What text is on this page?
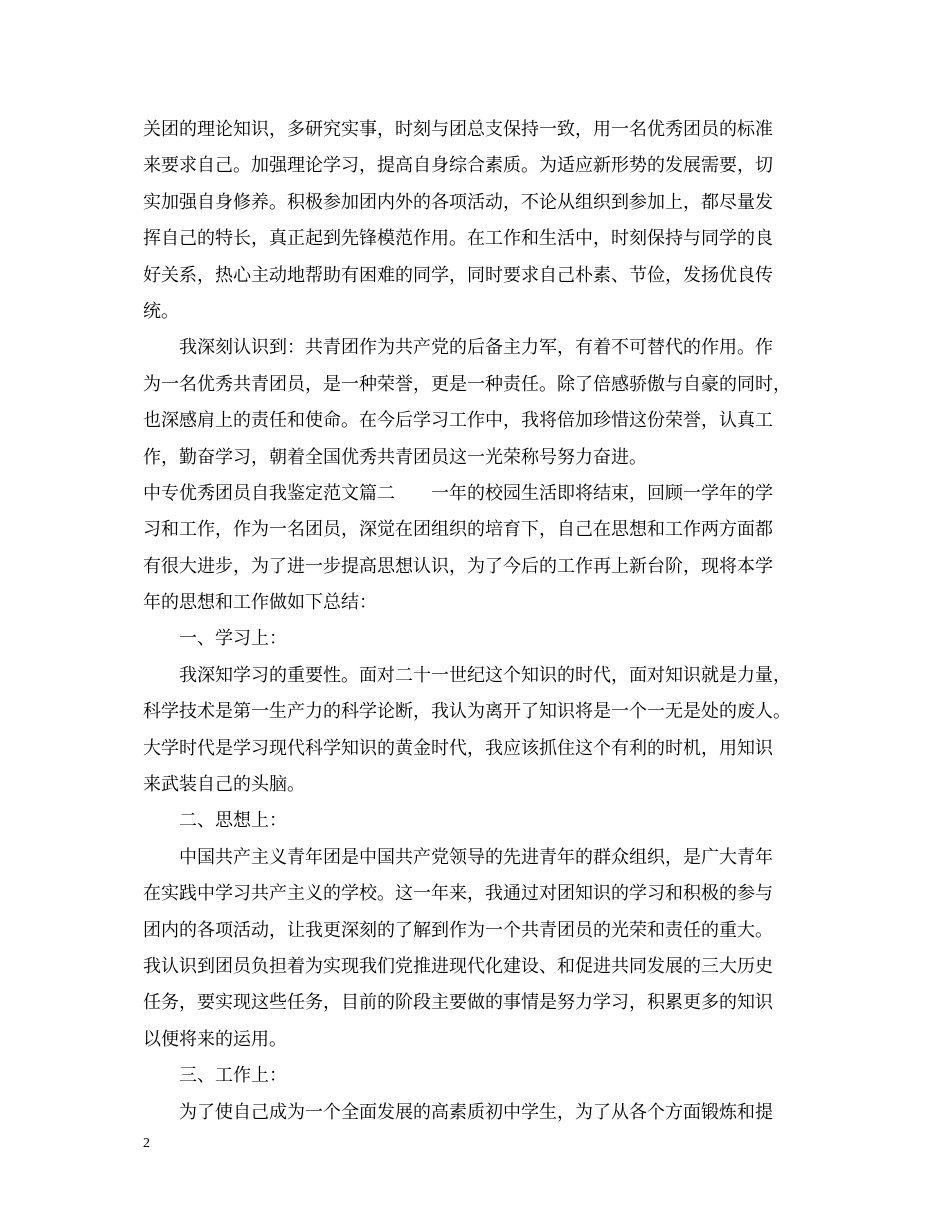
关团的理论知识，多研究实事，时刻与团总支保持一致，用一名优秀团员的标准
来要求自己。加强理论学习，提高自身综合素质。为适应新形势的发展需要，切
实加强自身修养。积极参加团内外的各项活动，不论从组织到参加上，都尽量发
挥自己的特长，真正起到先锋模范作用。在工作和生活中，时刻保持与同学的良
好关系，热心主动地帮助有困难的同学，同时要求自己朴素、节俭，发扬优良传
统。
我深刻认识到：共青团作为共产党的后备主力军，有着不可替代的作用。作
为一名优秀共青团员，是一种荣誉，更是一种责任。除了倍感骄傲与自豪的同时，
也深感肩上的责任和使命。在今后学习工作中，我将倍加珍惜这份荣誉，认真工
作，勤奋学习，朝着全国优秀共青团员这一光荣称号努力奋进。
中专优秀团员自我鉴定范文篇二　　一年的校园生活即将结束，回顾一学年的学
习和工作，作为一名团员，深觉在团组织的培育下，自己在思想和工作两方面都
有很大进步，为了进一步提高思想认识，为了今后的工作再上新台阶，现将本学
年的思想和工作做如下总结：
一、学习上：
我深知学习的重要性。面对二十一世纪这个知识的时代，面对知识就是力量，
科学技术是第一生产力的科学论断，我认为离开了知识将是一个一无是处的废人。
大学时代是学习现代科学知识的黄金时代，我应该抓住这个有利的时机，用知识
来武装自己的头脑。
二、思想上：
中国共产主义青年团是中国共产党领导的先进青年的群众组织，是广大青年
在实践中学习共产主义的学校。这一年来，我通过对团知识的学习和积极的参与
团内的各项活动，让我更深刻的了解到作为一个共青团员的光荣和责任的重大。
我认识到团员负担着为实现我们党推进现代化建设、和促进共同发展的三大历史
任务，要实现这些任务，目前的阶段主要做的事情是努力学习，积累更多的知识
以便将来的运用。
三、工作上：
为了使自己成为一个全面发展的高素质初中学生，为了从各个方面锻炼和提
2
